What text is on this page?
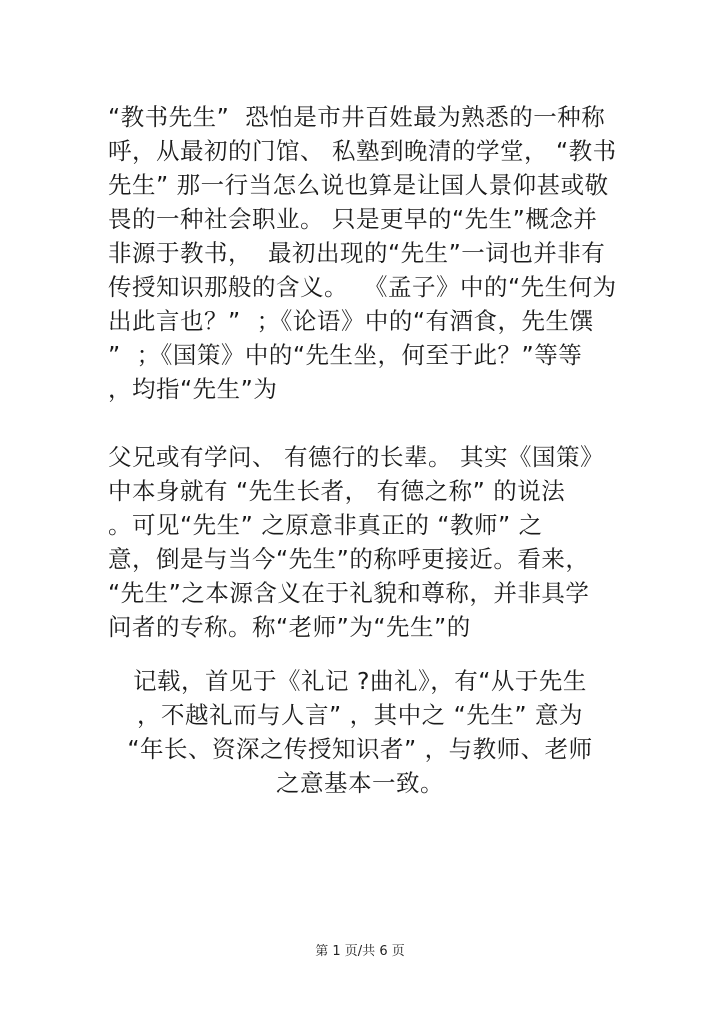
“教书先生”  恐怕是市井百姓最为熟悉的一种称
呼，从最初的门馆、 私塾到晚清的学堂， “教书
先生” 那一行当怎么说也算是让国人景仰甚或敬
畏的一种社会职业。 只是更早的“先生”概念并
非源于教书，  最初出现的“先生”一词也并非有
传授知识那般的含义。  《孟子》中的“先生何为
出此言也？”  ；《论语》中的“有酒食，先生馔
”  ；《国策》中的“先生坐，何至于此？”等等
，均指“先生”为
父兄或有学问、 有德行的长辈。 其实《国策》
中本身就有 “先生长者， 有德之称” 的说法
。可见“先生” 之原意非真正的 “教师” 之
意，倒是与当今“先生”的称呼更接近。看来，
“先生”之本源含义在于礼貌和尊称，并非具学
问者的专称。称“老师”为“先生”的
记载，首见于《礼记 ?曲礼》，有“从于先生
，不越礼而与人言” ，其中之 “先生” 意为
“年长、资深之传授知识者” ，与教师、老师
之意基本一致。
第 1 页/共 6 页
